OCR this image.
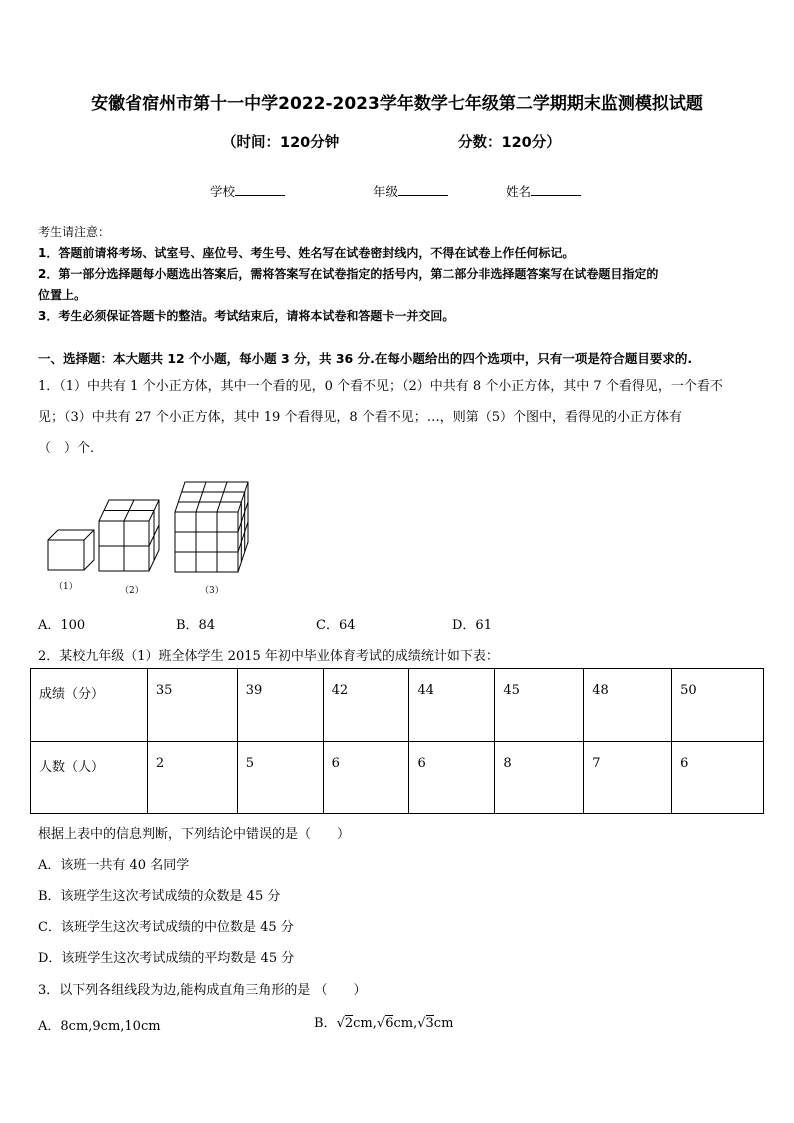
安徽省宿州市第十一中学2022-2023学年数学七年级第二学期期末监测模拟试题
（时间：120分钟	分数：120分）
学校	年级	姓名
考生请注意：
1．答题前请将考场、试室号、座位号、考生号、姓名写在试卷密封线内，不得在试卷上作任何标记。
2．第一部分选择题每小题选出答案后，需将答案写在试卷指定的括号内，第二部分非选择题答案写在试卷题目指定的
位置上。
3．考生必须保证答题卡的整洁。考试结束后，请将本试卷和答题卡一并交回。
一、选择题：本大题共 12 个小题，每小题 3 分，共 36 分.在每小题给出的四个选项中，只有一项是符合题目要求的.
1．（1）中共有 1 个小正方体，其中一个看的见，0 个看不见；（2）中共有 8 个小正方体，其中 7 个看得见，一个看不
见；（3）中共有 27 个小正方体，其中 19 个看得见，8 个看不见；…，则第（5）个图中，看得见的小正方体有
（　）个.
（1）	（2）	（3）
A．100	B．84	C．64	D．61
2．某校九年级（1）班全体学生 2015 年初中毕业体育考试的成绩统计如下表：
成绩（分）	35	39	42	44	45	48	50
人数（人）	2	5	6	6	8	7	6
根据上表中的信息判断，下列结论中错误的是（　　）
A．该班一共有 40 名同学
B．该班学生这次考试成绩的众数是 45 分
C．该班学生这次考试成绩的中位数是 45 分
D．该班学生这次考试成绩的平均数是 45 分
3．以下列各组线段为边,能构成直角三角形的是 （　　）
A．8cm,9cm,10cm	B．√2cm,√6cm,√3cm
